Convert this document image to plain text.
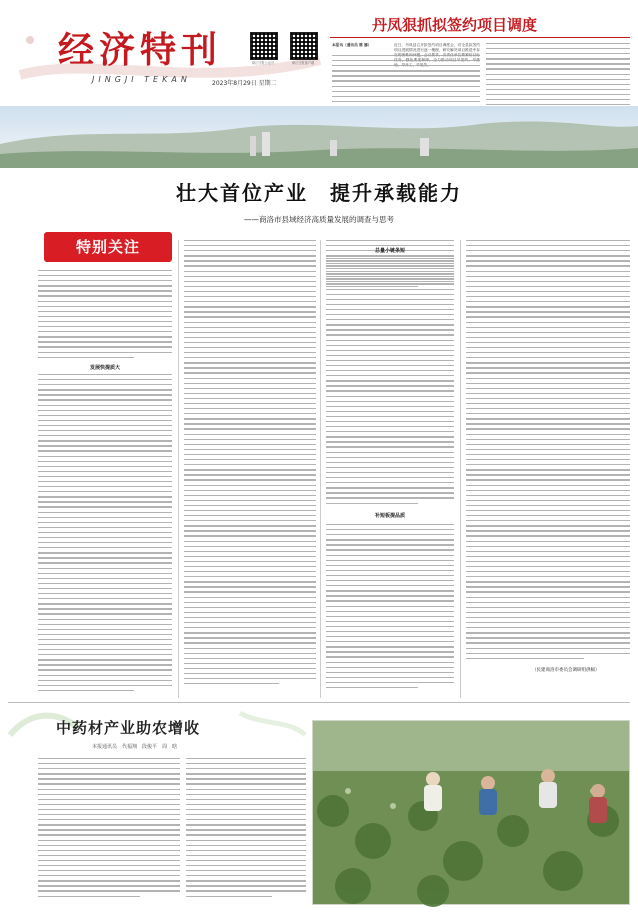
经济特刊
JINGJI TEKAN	2023年8月29日 星期二
商丘日报公众号	商丘日报客户端
丹凤狠抓拟签约项目调度
本报讯（通讯员 陈 娜）	近日，丹凤县召开拟签约项目调度会，对全县拟签约项目进展情况进行逐一梳理，研究解决项目推进中存
壮大首位产业　提升承载能力
——商洛市县域经济高质量发展的调查与思考
特别关注
发展快提质大
总量小链条短
补短板提品质
（民建商洛市委员会调研组供稿）
中药材产业助农增收
本报通讯员　代福翔　段俊平　周　晗
